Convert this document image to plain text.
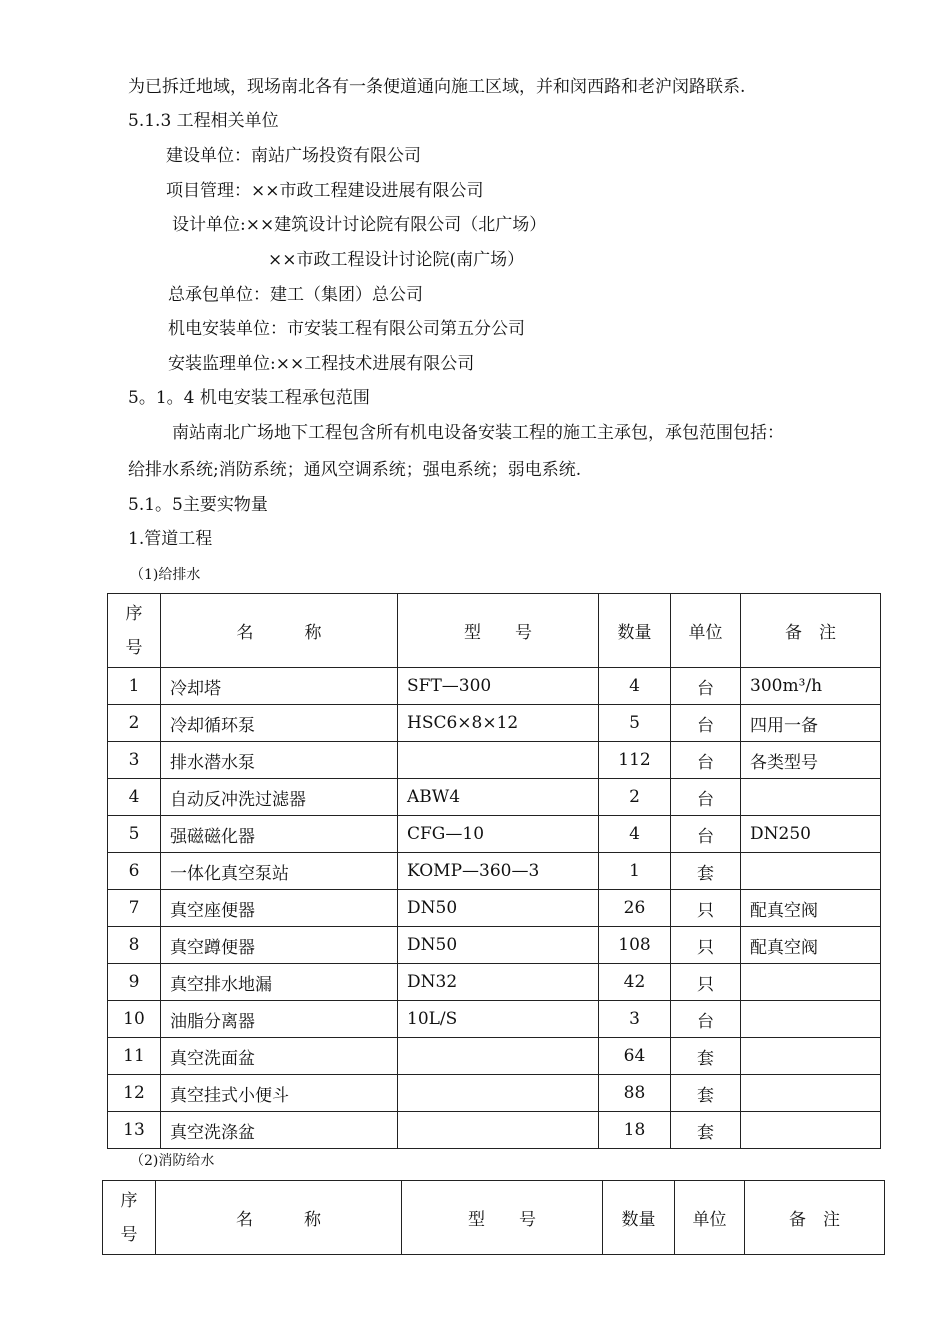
为已拆迁地域，现场南北各有一条便道通向施工区域，并和闵西路和老沪闵路联系.
5.1.3 工程相关单位
建设单位：南站广场投资有限公司
项目管理：××市政工程建设进展有限公司
设计单位:××建筑设计讨论院有限公司（北广场）
××市政工程设计讨论院(南广场）
总承包单位：建工（集团）总公司
机电安装单位：市安装工程有限公司第五分公司
安装监理单位:××工程技术进展有限公司
5。1。4 机电安装工程承包范围
南站南北广场地下工程包含所有机电设备安装工程的施工主承包，承包范围包括：
给排水系统;消防系统；通风空调系统；强电系统；弱电系统.
5.1。5主要实物量
1.管道工程
（1)给排水
序
号	名　　　称	型　　号	数量	单位	备　注
1	冷却塔	SFT—300	4	台	300m³/h
2	冷却循环泵	HSC6×8×12	5	台	四用一备
3	排水潜水泵		112	台	各类型号
4	自动反冲洗过滤器	ABW4	2	台	
5	强磁磁化器	CFG—10	4	台	DN250
6	一体化真空泵站	KOMP—360—3	1	套	
7	真空座便器	DN50	26	只	配真空阀
8	真空蹲便器	DN50	108	只	配真空阀
9	真空排水地漏	DN32	42	只	
10	油脂分离器	10L/S	3	台	
11	真空洗面盆		64	套	
12	真空挂式小便斗		88	套	
13	真空洗涤盆		18	套	
（2)消防给水
序
号	名　　　称	型　　号	数量	单位	备　注
